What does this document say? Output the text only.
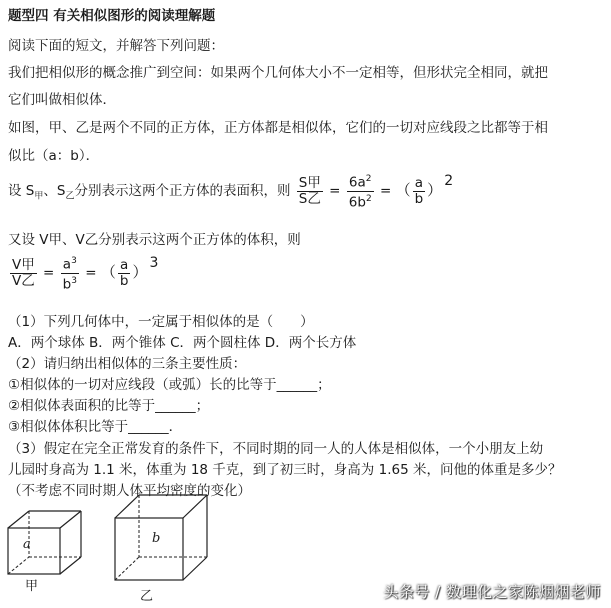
题型四 有关相似图形的阅读理解题
阅读下面的短文，并解答下列问题：
我们把相似形的概念推广到空间：如果两个几何体大小不一定相等，但形状完全相同，就把
它们叫做相似体．
如图，甲、乙是两个不同的正方体，正方体都是相似体，它们的一切对应线段之比都等于相
似比（a：b）．
设 $S_甲$、$S_乙$分别表示这两个正方体的表面积，则 $\frac{\text{S甲}}{\text{S乙}} = \frac{6a^2}{6b^2}$ = （ $\frac{a}{b}$ ） 2
又设 V甲、V乙分别表示这两个正方体的体积，则
$\frac{\text{V甲}}{\text{V乙}} = \frac{a^3}{b^3}$ = （ $\frac{a}{b}$ ） 3
（1）下列几何体中，一定属于相似体的是（　　）
A．两个球体 B．两个锥体 C．两个圆柱体 D．两个长方体
（2）请归纳出相似体的三条主要性质：
①相似体的一切对应线段（或弧）长的比等于______；
②相似体表面积的比等于______；
③相似体体积比等于______．
（3）假定在完全正常发育的条件下，不同时期的同一人的人体是相似体，一个小朋友上幼
儿园时身高为 1.1 米，体重为 18 千克，到了初三时，身高为 1.65 米，问他的体重是多少？
（不考虑不同时期人体平均密度的变化）
a
甲
b
乙	头条号 / 数理化之家陈烟烟老师
